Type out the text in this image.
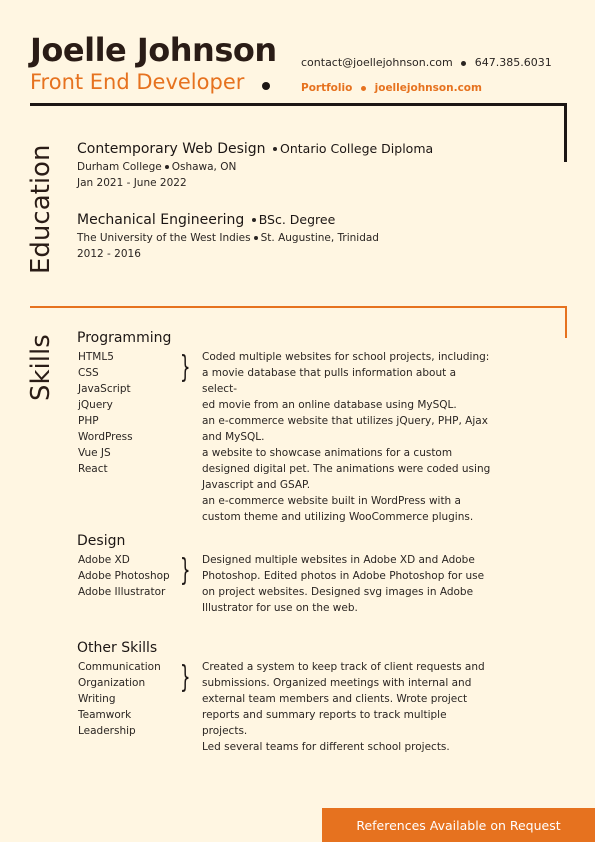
Joelle Johnson
Front End Developer
contact@joellejohnson.com 647.385.6031
Portfolio joellejohnson.com
Education
Skills
Contemporary Web Design Ontario College Diploma
Durham College Oshawa, ON
Jan 2021 - June 2022
Mechanical Engineering BSc. Degree
The University of the West Indies St. Augustine, Trinidad
2012 - 2016
Programming
HTML5
CSS
JavaScript
jQuery
PHP
WordPress
Vue JS
React
} Coded multiple websites for school projects, including:
a movie database that pulls information about a select-
ed movie from an online database using MySQL.
an e-commerce website that utilizes jQuery, PHP, Ajax
and MySQL.
a website to showcase animations for a custom
designed digital pet. The animations were coded using
Javascript and GSAP.
an e-commerce website built in WordPress with a
custom theme and utilizing WooCommerce plugins.
Design
Adobe XD
Adobe Photoshop
Adobe Illustrator
} Designed multiple websites in Adobe XD and Adobe
Photoshop. Edited photos in Adobe Photoshop for use
on project websites. Designed svg images in Adobe
Illustrator for use on the web.
Other Skills
Communication
Organization
Writing
Teamwork
Leadership
} Created a system to keep track of client requests and
submissions. Organized meetings with internal and
external team members and clients. Wrote project
reports and summary reports to track multiple projects.
Led several teams for different school projects.
References Available on Request
